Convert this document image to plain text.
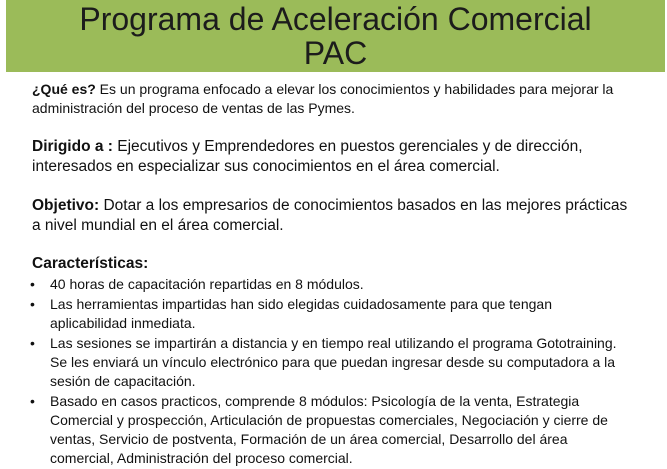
Programa de Aceleración Comercial
PAC

¿Qué es? Es un programa enfocado a elevar los conocimientos y habilidades para mejorar la administración del proceso de ventas de las Pymes.

Dirigido a : Ejecutivos y Emprendedores en puestos gerenciales y de dirección, interesados en especializar sus conocimientos en el área comercial.

Objetivo: Dotar a los empresarios de conocimientos basados en las mejores prácticas a nivel mundial en el área comercial.

Características:

• 40 horas de capacitación repartidas en 8 módulos.
• Las herramientas impartidas han sido elegidas cuidadosamente para que tengan aplicabilidad inmediata.
• Las sesiones se impartirán a distancia y en tiempo real utilizando el programa Gototraining. Se les enviará un vínculo electrónico para que puedan ingresar desde su computadora a la sesión de capacitación.
• Basado en casos practicos, comprende 8 módulos: Psicología de la venta, Estrategia Comercial y prospección, Articulación de propuestas comerciales, Negociación y cierre de ventas, Servicio de postventa, Formación de un área comercial, Desarrollo del área comercial, Administración del proceso comercial.
